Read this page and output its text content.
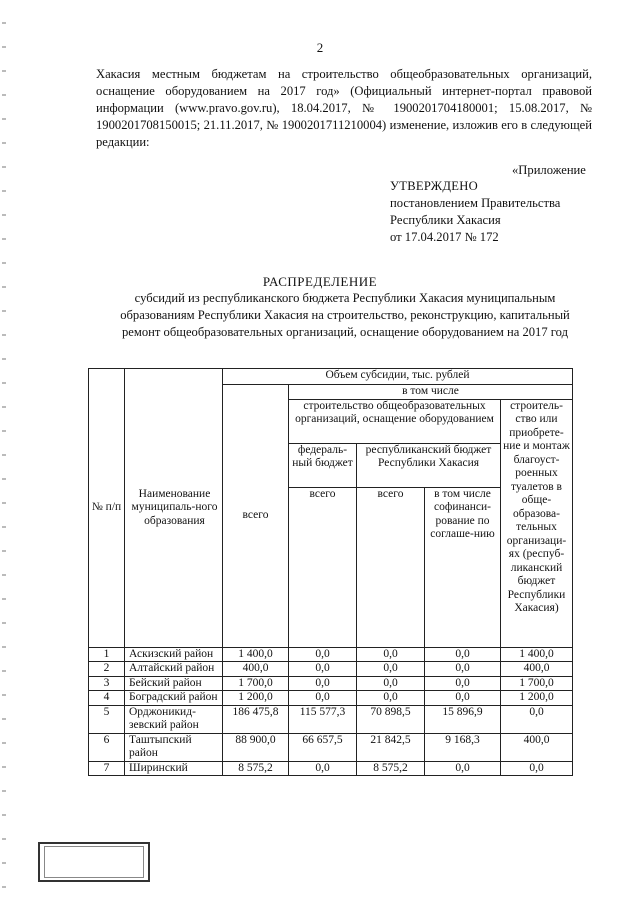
2

Хакасия местным бюджетам на строительство общеобразовательных организаций, оснащение оборудованием на 2017 год» (Официальный интернет-портал правовой информации (www.pravo.gov.ru), 18.04.2017, № 1900201704180001; 15.08.2017, № 1900201708150015; 21.11.2017, № 1900201711210004) изменение, изложив его в следующей редакции:

«Приложение
УТВЕРЖДЕНО
постановлением Правительства
Республики Хакасия
от 17.04.2017 № 172
РАСПРЕДЕЛЕНИЕ
субсидий из республиканского бюджета Республики Хакасия муниципальным образованиям Республики Хакасия на строительство, реконструкцию, капитальный ремонт общеобразовательных организаций, оснащение оборудованием на 2017 год
№ п/п	Наименование муниципаль-ного образования	Объем субсидии, тыс. рублей				
		всего	в том числе			
			строительство общеобразовательных организаций, оснащение оборудованием			строитель-ство или приобрете-ние и монтаж благоуст-роенных туалетов в обще-образова-тельных организаци-ях (респуб-ликанский бюджет Республики Хакасия)
			федераль-ный бюджет	республиканский бюджет Республики Хакасия		
			всего	всего	в том числе софинанси-рование по соглаше-нию	
1	Аскизский район	1 400,0	0,0	0,0	0,0	1 400,0
2	Алтайский район	400,0	0,0	0,0	0,0	400,0
3	Бейский район	1 700,0	0,0	0,0	0,0	1 700,0
4	Боградский район	1 200,0	0,0	0,0	0,0	1 200,0
5	Орджоникид-зевский район	186 475,8	115 577,3	70 898,5	15 896,9	0,0
6	Таштыпский район	88 900,0	66 657,5	21 842,5	9 168,3	400,0
7	Ширинский	8 575,2	0,0	8 575,2	0,0	0,0
